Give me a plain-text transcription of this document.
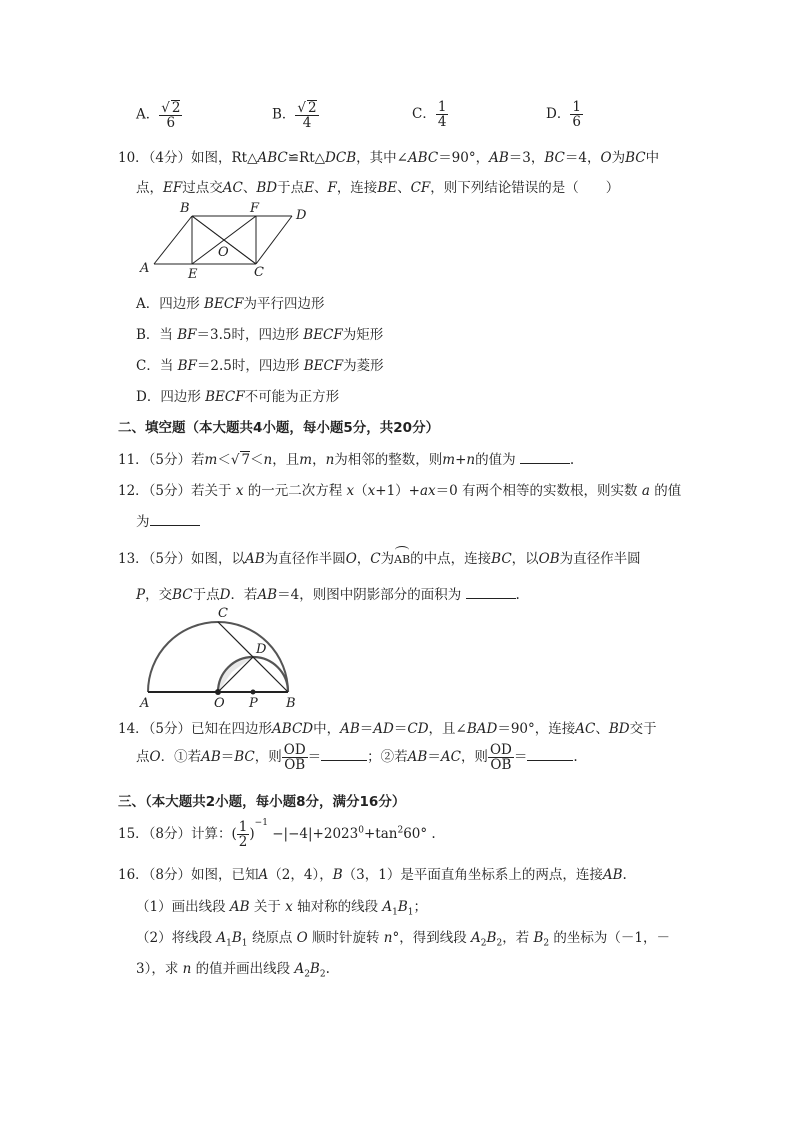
A． $\frac{√ 2}{6}$	B． $\frac{√ 2}{4}$	C． $\frac{1}{4}$	D． $\frac{1}{6}$
10．（4分）如图，Rt△ABC≌Rt△DCB，其中∠ABC＝90°，AB＝3，BC＝4，O为BC中
点，EF过点交AC、BD于点E、F，连接BE、CF，则下列结论错误的是（　　）
B	F	D
A	E	C
O
A．四边形 BECF为平行四边形
B．当 BF＝3.5时，四边形 BECF为矩形
C．当 BF＝2.5时，四边形 BECF为菱形
D．四边形 BECF不可能为正方形
二、填空题（本大题共4小题，每小题5分，共20分）
11．（5分）若m＜√ 7＜n，且m，n为相邻的整数，则m+n的值为	.
12．（5分）若关于 x 的一元二次方程 x（x+1）+ax＝0 有两个相等的实数根，则实数 a 的值
为
13．（5分）如图，以AB为直径作半圆O，C为
AB的中点，连接BC，以OB为直径作半圆
P，交BC于点D．若AB＝4，则图中阴影部分的面积为	.
C
D
A	O P B
14．（5分）已知在四边形ABCD中，AB＝AD＝CD，且∠BAD＝90°，连接AC、BD交于
点O．①若AB＝BC，则 $\frac{OD}{OB}$ ＝	；②若AB＝AC，则 $\frac{OD}{OB}$ ＝	.
三、（本大题共2小题，每小题8分，满分16分）
15．（8分）计算：( $\frac{1}{2} )^{-1} -|-4|+2023^0+\tan^260^\circ$ .
16．（8分）如图，已知A（2，4），B（3，1）是平面直角坐标系上的两点，连接AB.
（1）画出线段 AB 关于 x 轴对称的线段 $A_1B_1$；
（2）将线段 $A_1B_1$ 绕原点 O 顺时针旋转 n°，得到线段 $A_2B_2$，若 $B_2$ 的坐标为（－1，－
3），求 n 的值并画出线段 $A_2B_2$.
